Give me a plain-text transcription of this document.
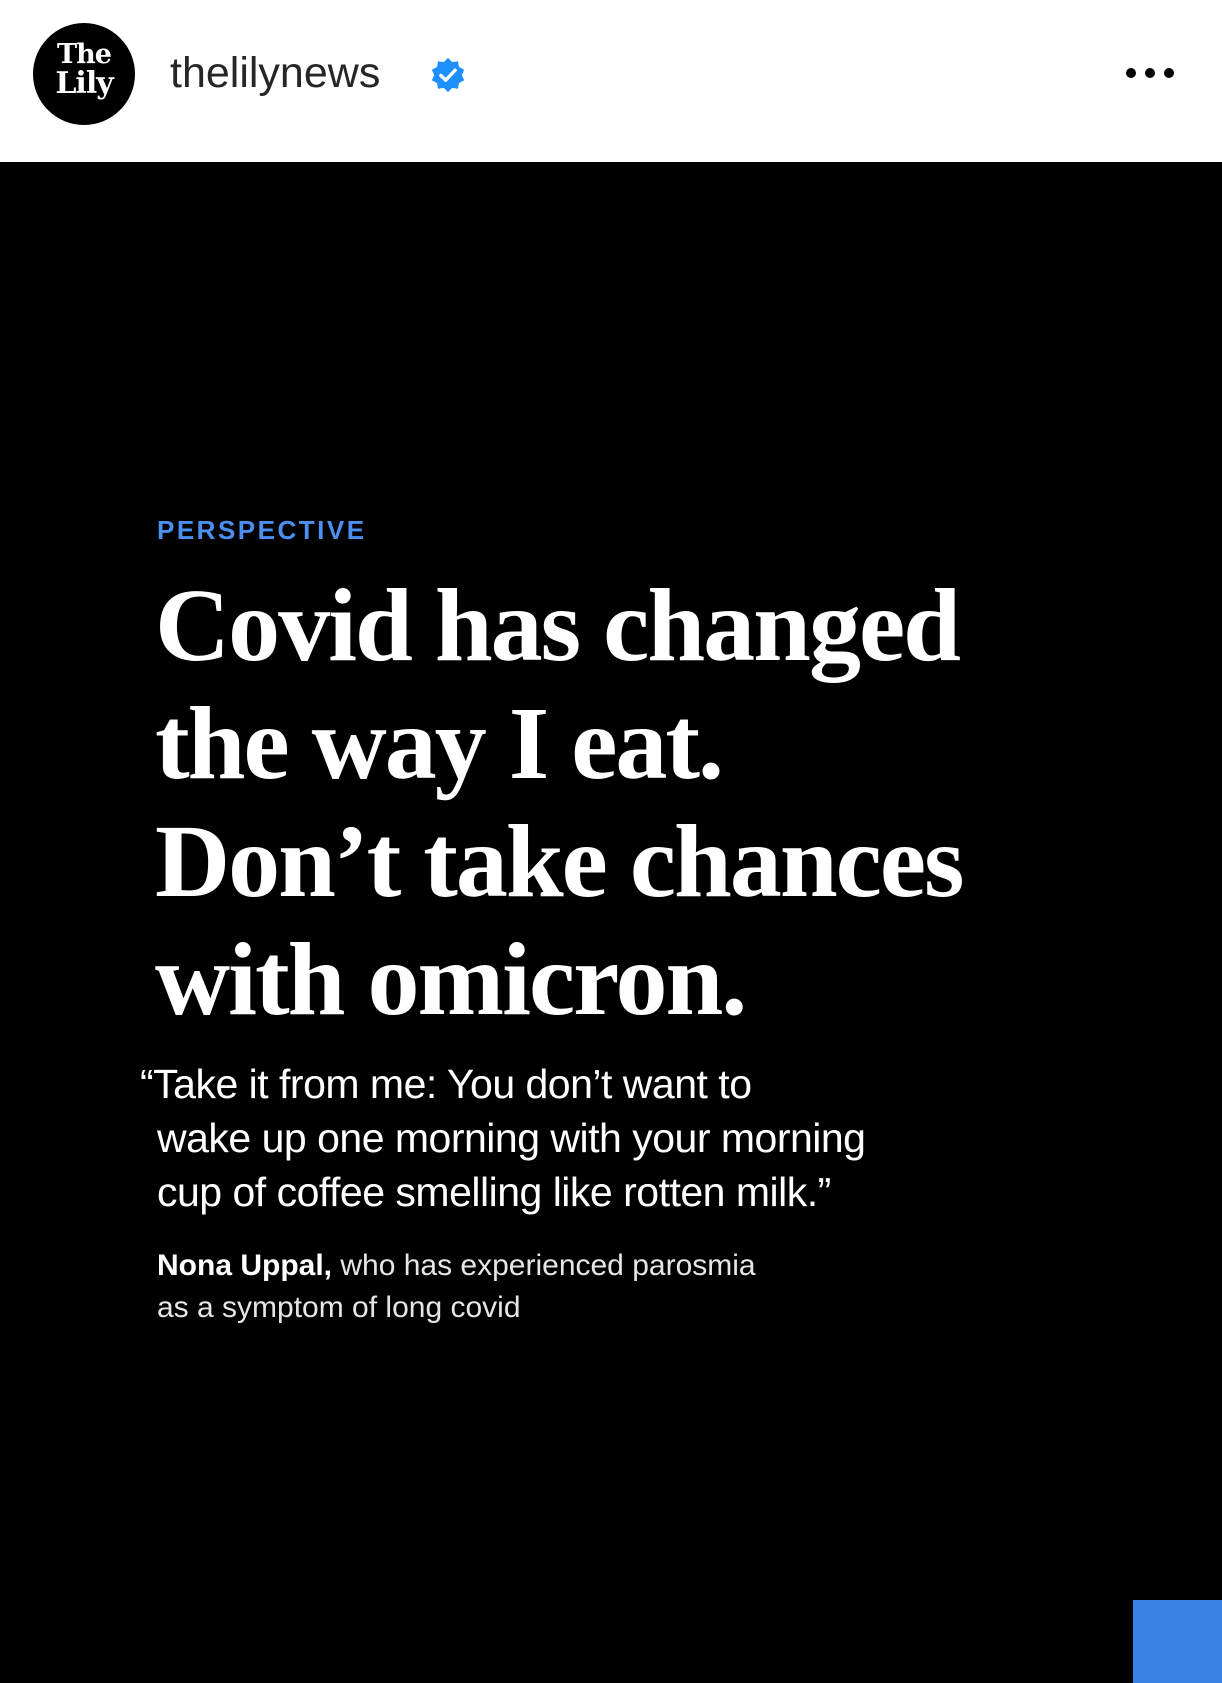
The
Lily	thelilynews
PERSPECTIVE
Covid has changed
the way I eat.
Don’t take chances
with omicron.

“Take it from me: You don’t want to
wake up one morning with your morning
cup of coffee smelling like rotten milk.”

Nona Uppal, who has experienced parosmia
as a symptom of long covid
